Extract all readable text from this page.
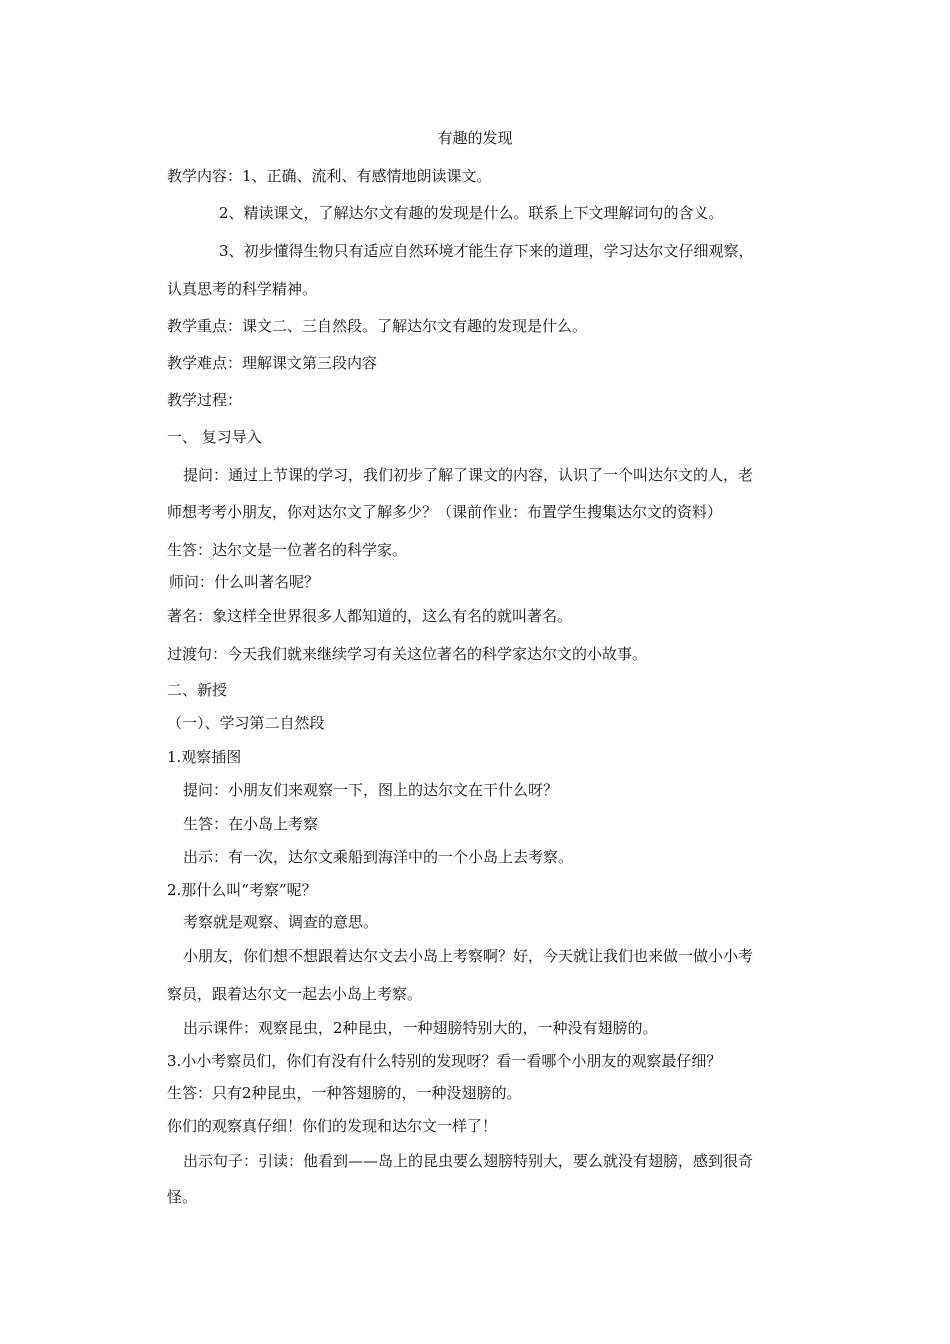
有趣的发现
教学内容：1、正确、流利、有感情地朗读课文。
2、精读课文，了解达尔文有趣的发现是什么。联系上下文理解词句的含义。
3、初步懂得生物只有适应自然环境才能生存下来的道理，学习达尔文仔细观察，
认真思考的科学精神。
教学重点：课文二、三自然段。了解达尔文有趣的发现是什么。
教学难点：理解课文第三段内容
教学过程：
一、 复习导入
提问：通过上节课的学习，我们初步了解了课文的内容，认识了一个叫达尔文的人，老
师想考考小朋友，你对达尔文了解多少？（课前作业：布置学生搜集达尔文的资料）
生答：达尔文是一位著名的科学家。
师问：什么叫著名呢？
著名：象这样全世界很多人都知道的，这么有名的就叫著名。
过渡句：今天我们就来继续学习有关这位著名的科学家达尔文的小故事。
二、新授
（一）、学习第二自然段
1.观察插图
提问：小朋友们来观察一下，图上的达尔文在干什么呀？
生答：在小岛上考察
出示：有一次，达尔文乘船到海洋中的一个小岛上去考察。
2.那什么叫“考察”呢？
考察就是观察、调查的意思。
小朋友，你们想不想跟着达尔文去小岛上考察啊？好，今天就让我们也来做一做小小考
察员，跟着达尔文一起去小岛上考察。
出示课件：观察昆虫，2种昆虫，一种翅膀特别大的，一种没有翅膀的。
3.小小考察员们，你们有没有什么特别的发现呀？看一看哪个小朋友的观察最仔细？
生答：只有2种昆虫，一种答翅膀的，一种没翅膀的。
你们的观察真仔细！你们的发现和达尔文一样了！
出示句子：引读：他看到——岛上的昆虫要么翅膀特别大，要么就没有翅膀，感到很奇
怪。
